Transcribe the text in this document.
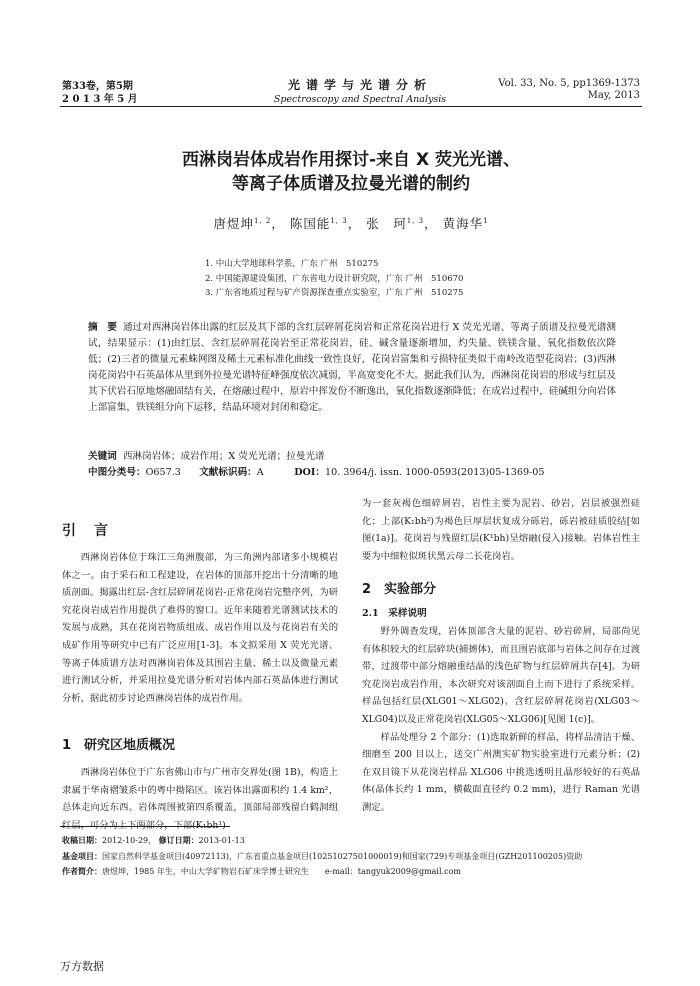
第33卷，第5期
2 0 1 3 年 5 月
光谱学与光谱分析
Spectroscopy and Spectral Analysis
Vol. 33, No. 5, pp1369-1373
May, 2013
西淋岗岩体成岩作用探讨-来自 X 荧光光谱、
等离子体质谱及拉曼光谱的制约
唐煜坤$^{1, 2}$， 陈国能$^{1, 3}$， 张　珂$^{1, 3}$， 黄海华$^1$
1. 中山大学地球科学系，广东 广州　510275
2. 中国能源建设集团，广东省电力设计研究院，广东 广州　510670
3. 广东省地质过程与矿产资源探查重点实验室，广东 广州　510275
摘　要 通过对西淋岗岩体出露的红层及其下部的含红层碎屑花岗岩和正常花岗岩进行 X 荧光光谱、等离子质谱及拉曼光谱测试，结果显示：(1)由红层、含红层碎屑花岗岩至正常花岗岩，硅、碱含量逐渐增加，灼失量、铁镁含量、氧化指数依次降低；(2)三者的微量元素蛛网图及稀土元素标准化曲线一致性良好，花岗岩富集和亏损特征类似于南岭改造型花岗岩；(3)西淋岗花岗岩中石英晶体从里到外拉曼光谱特征峰强度依次减弱，半高宽变化不大。据此我们认为，西淋岗花岗岩的形成与红层及其下伏岩石原地熔融固结有关，在熔融过程中，原岩中挥发份不断逸出，氧化指数逐渐降低；在成岩过程中，硅碱组分向岩体上部富集，铁镁组分向下运移，结晶环境对封闭和稳定。
关键词 西淋岗岩体；成岩作用；X 荧光光谱；拉曼光谱
中图分类号：O657.3 文献标识码：A	DOI：10. 3964/j. issn. 1000-0593(2013)05-1369-05
引　言

西淋岗岩体位于珠江三角洲腹部，为三角洲内部诸多小规模岩体之一。由于采石和工程建设，在岩体的顶部开挖出十分清晰的地质剖面。揭露出红层-含红层碎屑花岗岩-正常花岗岩完整序列，为研究花岗岩成岩作用提供了难得的窗口。近年来随着光谱测试技术的发展与成熟，其在花岗岩物质组成、成岩作用以及与花岗岩有关的成矿作用等研究中已有广泛应用[1-3]。本文拟采用 X 荧光光谱、等离子体质谱方法对西淋岗岩体及其围岩主量、稀土以及微量元素进行测试分析，并采用拉曼光谱分析对岩体内部石英晶体进行测试分析，据此初步讨论西淋岗岩体的成岩作用。

1　研究区地质概况

西淋岗岩体位于广东省佛山市与广州市交界处(图 1B)，构造上隶属于华南褶皱系中的粤中拗陷区。该岩体出露面积约 1.4 km²，总体走向近东西。岩体周围被第四系覆盖，顶部局部残留白鹤洞组红层，可分为上下两部分，下部(K₁bh¹)

为一套灰褐色细碎屑岩，岩性主要为泥岩、砂岩，岩层被强烈硅化；上部(K₁bh²)为褐色巨厚层状复成分砾岩，砾岩被硅质胶结[如图(1a)]。花岗岩与残留红层(K¹bh)呈熔融(侵入)接触。岩体岩性主要为中细粒似斑状黑云母二长花岗岩。

2　实验部分
2.1　采样说明

野外调查发现，岩体顶部含大量的泥岩、砂岩碎屑，局部尚见有体积较大的红层碎块(捕掳体)，而且围岩底部与岩体之间存在过渡带，过渡带中部分熔融重结晶的浅色矿物与红层碎屑共存[4]。为研究花岗岩成岩作用，本次研究对该剖面自上而下进行了系统采样。样品包括红层(XLG01～XLG02)、含红层碎屑花岗岩(XLG03～XLG04)以及正常花岗岩(XLG05～XLG06)[见图 1(c)]。

样品处理分 2 个部分：(1)选取新鲜的样品，将样品清洁干燥、细磨至 200 目以上，送交广州澳实矿物实验室进行元素分析；(2)在双目镜下从花岗岩样品 XLG06 中挑选透明且晶形较好的石英晶体(晶体长约 1 mm，横截面直径约 0.2 mm)，进行 Raman 光谱测定。

收稿日期：2012-10-29， 修订日期：2013-01-13
基金项目：国家自然科学基金项目(40972113)，广东省重点基金项目(10251027501000019)和国家(729)专项基金项目(GZH201100205)资助
作者简介：唐煜坤，1985 年生，中山大学矿物岩石矿床学博士研究生　　e-mail：tangyuk2009@gmail.com
万方数据
